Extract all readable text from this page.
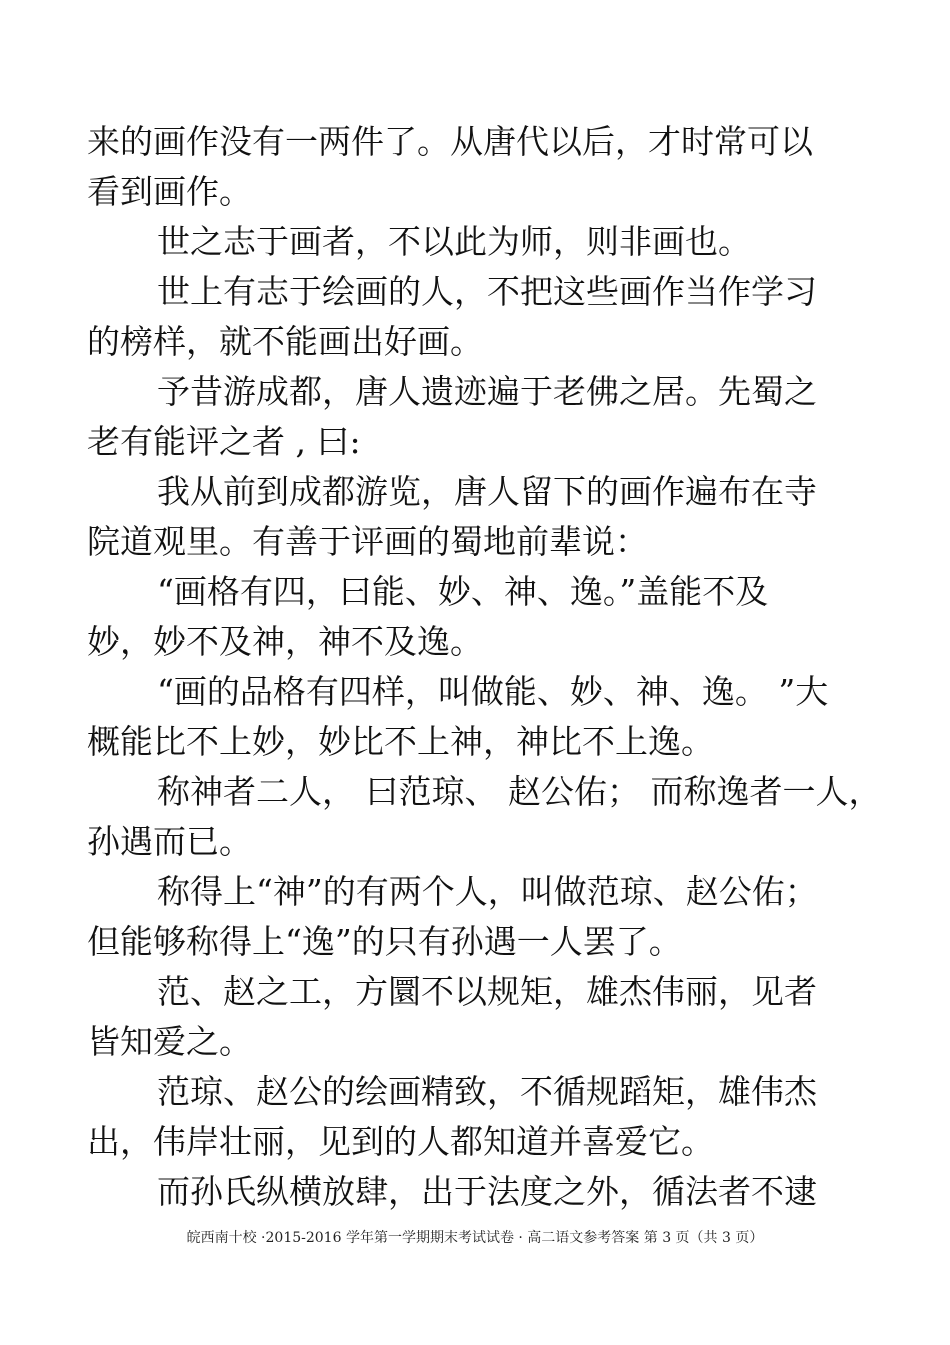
来的画作没有一两件了。从唐代以后，才时常可以
看到画作。
世之志于画者，不以此为师，则非画也。
世上有志于绘画的人，不把这些画作当作学习
的榜样，就不能画出好画。
予昔游成都，唐人遗迹遍于老佛之居。先蜀之
老有能评之者 , 曰:
我从前到成都游览，唐人留下的画作遍布在寺
院道观里。有善于评画的蜀地前辈说：
“画格有四，曰能、妙、神、逸。”盖能不及
妙，妙不及神，神不及逸。
“画的品格有四样，叫做能、妙、神、逸。 ”大
概能比不上妙，妙比不上神，神比不上逸。
称神者二人， 曰范琼、 赵公佑； 而称逸者一人，
孙遇而已。
称得上“神”的有两个人，叫做范琼、赵公佑；
但能够称得上“逸”的只有孙遇一人罢了。
范、赵之工，方圜不以规矩，雄杰伟丽，见者
皆知爱之。
范琼、赵公的绘画精致，不循规蹈矩，雄伟杰
出，伟岸壮丽，见到的人都知道并喜爱它。
而孙氏纵横放肆，出于法度之外，循法者不逮
皖西南十校 ·2015-2016 学年第一学期期末考试试卷 · 高二语文参考答案 第 3 页（共 3 页）
